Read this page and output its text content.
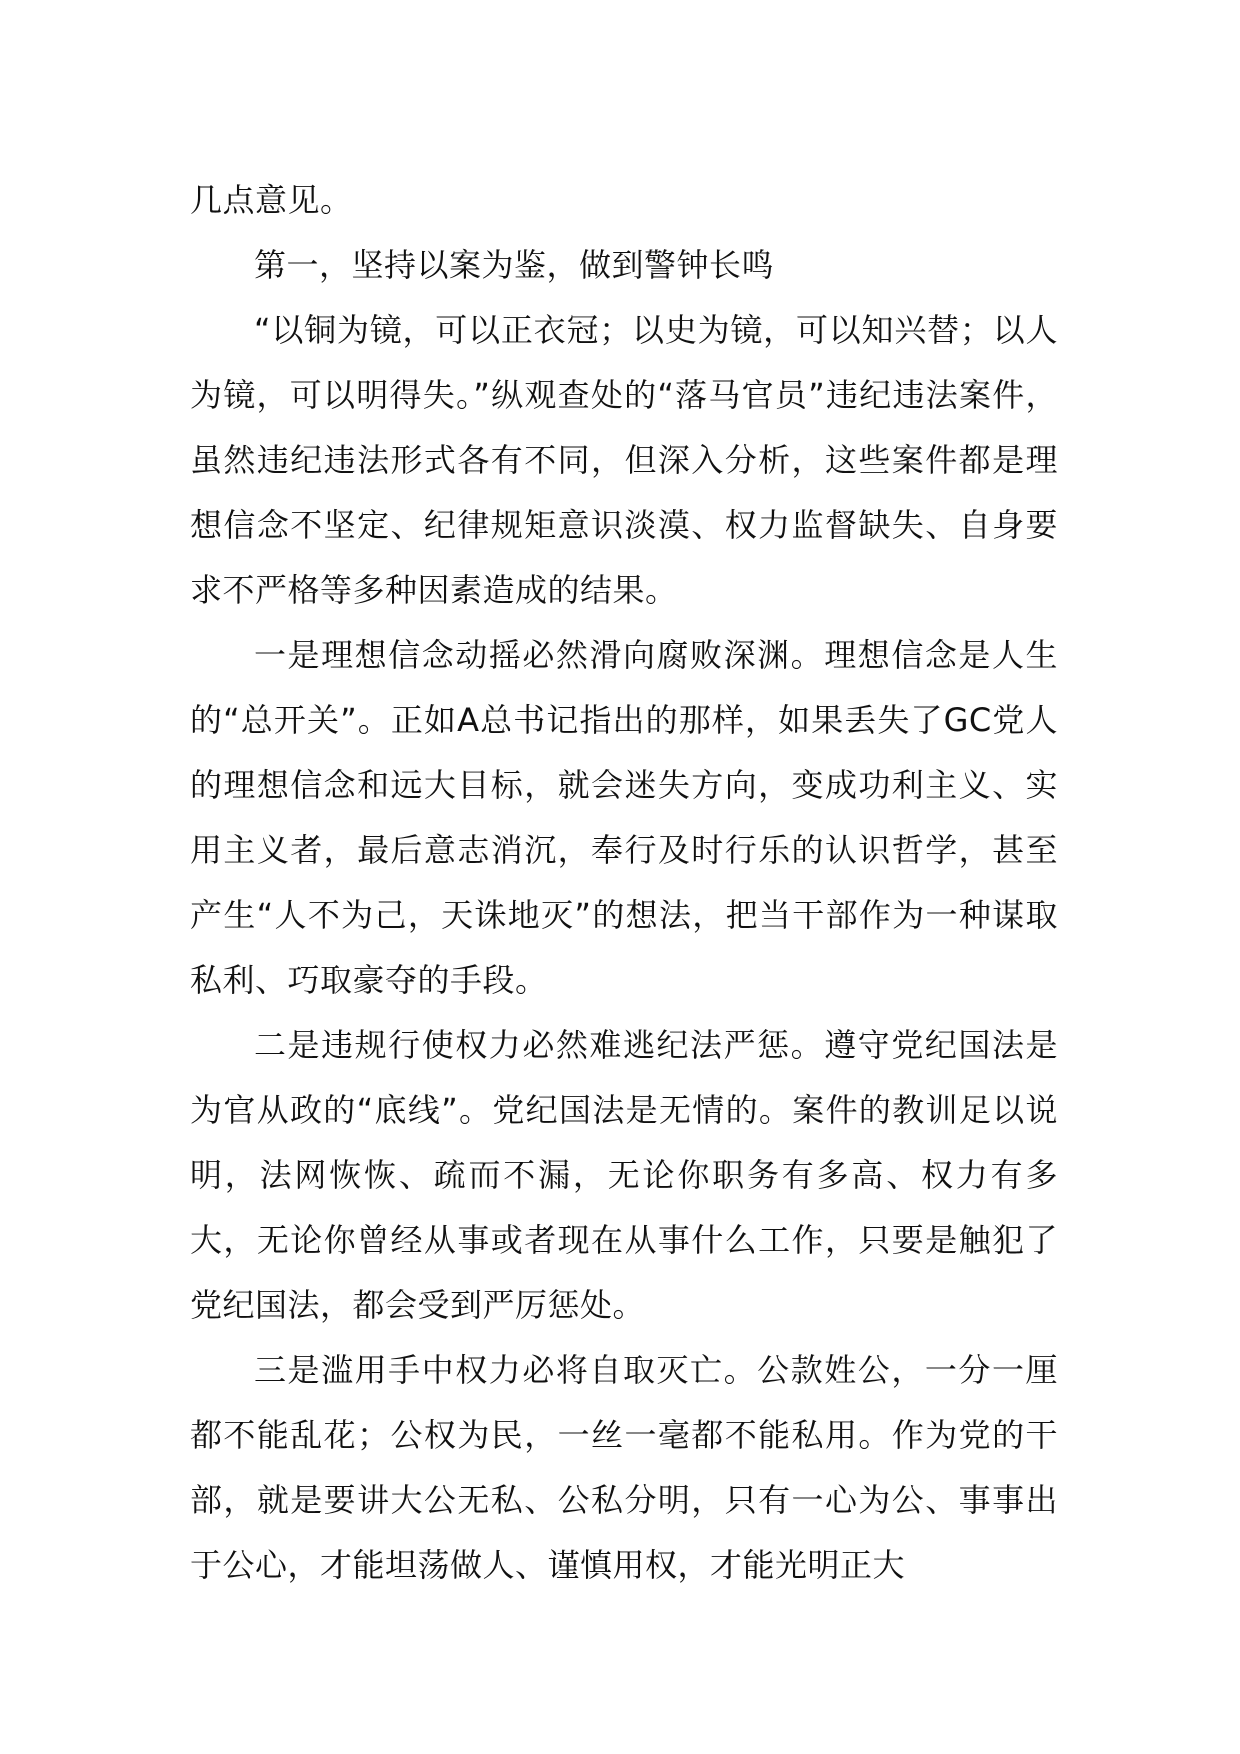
几点意见。

第一，坚持以案为鉴，做到警钟长鸣

“以铜为镜，可以正衣冠；以史为镜，可以知兴替；以人为镜，可以明得失。”纵观查处的“落马官员”违纪违法案件，虽然违纪违法形式各有不同，但深入分析，这些案件都是理想信念不坚定、纪律规矩意识淡漠、权力监督缺失、自身要求不严格等多种因素造成的结果。

一是理想信念动摇必然滑向腐败深渊。理想信念是人生的“总开关”。正如A总书记指出的那样，如果丢失了GC党人的理想信念和远大目标，就会迷失方向，变成功利主义、实用主义者，最后意志消沉，奉行及时行乐的认识哲学，甚至产生“人不为己，天诛地灭”的想法，把当干部作为一种谋取私利、巧取豪夺的手段。

二是违规行使权力必然难逃纪法严惩。遵守党纪国法是为官从政的“底线”。党纪国法是无情的。案件的教训足以说明，法网恢恢、疏而不漏，无论你职务有多高、权力有多大，无论你曾经从事或者现在从事什么工作，只要是触犯了党纪国法，都会受到严厉惩处。

三是滥用手中权力必将自取灭亡。公款姓公，一分一厘都不能乱花；公权为民，一丝一毫都不能私用。作为党的干部，就是要讲大公无私、公私分明，只有一心为公、事事出于公心，才能坦荡做人、谨慎用权，才能光明正大
